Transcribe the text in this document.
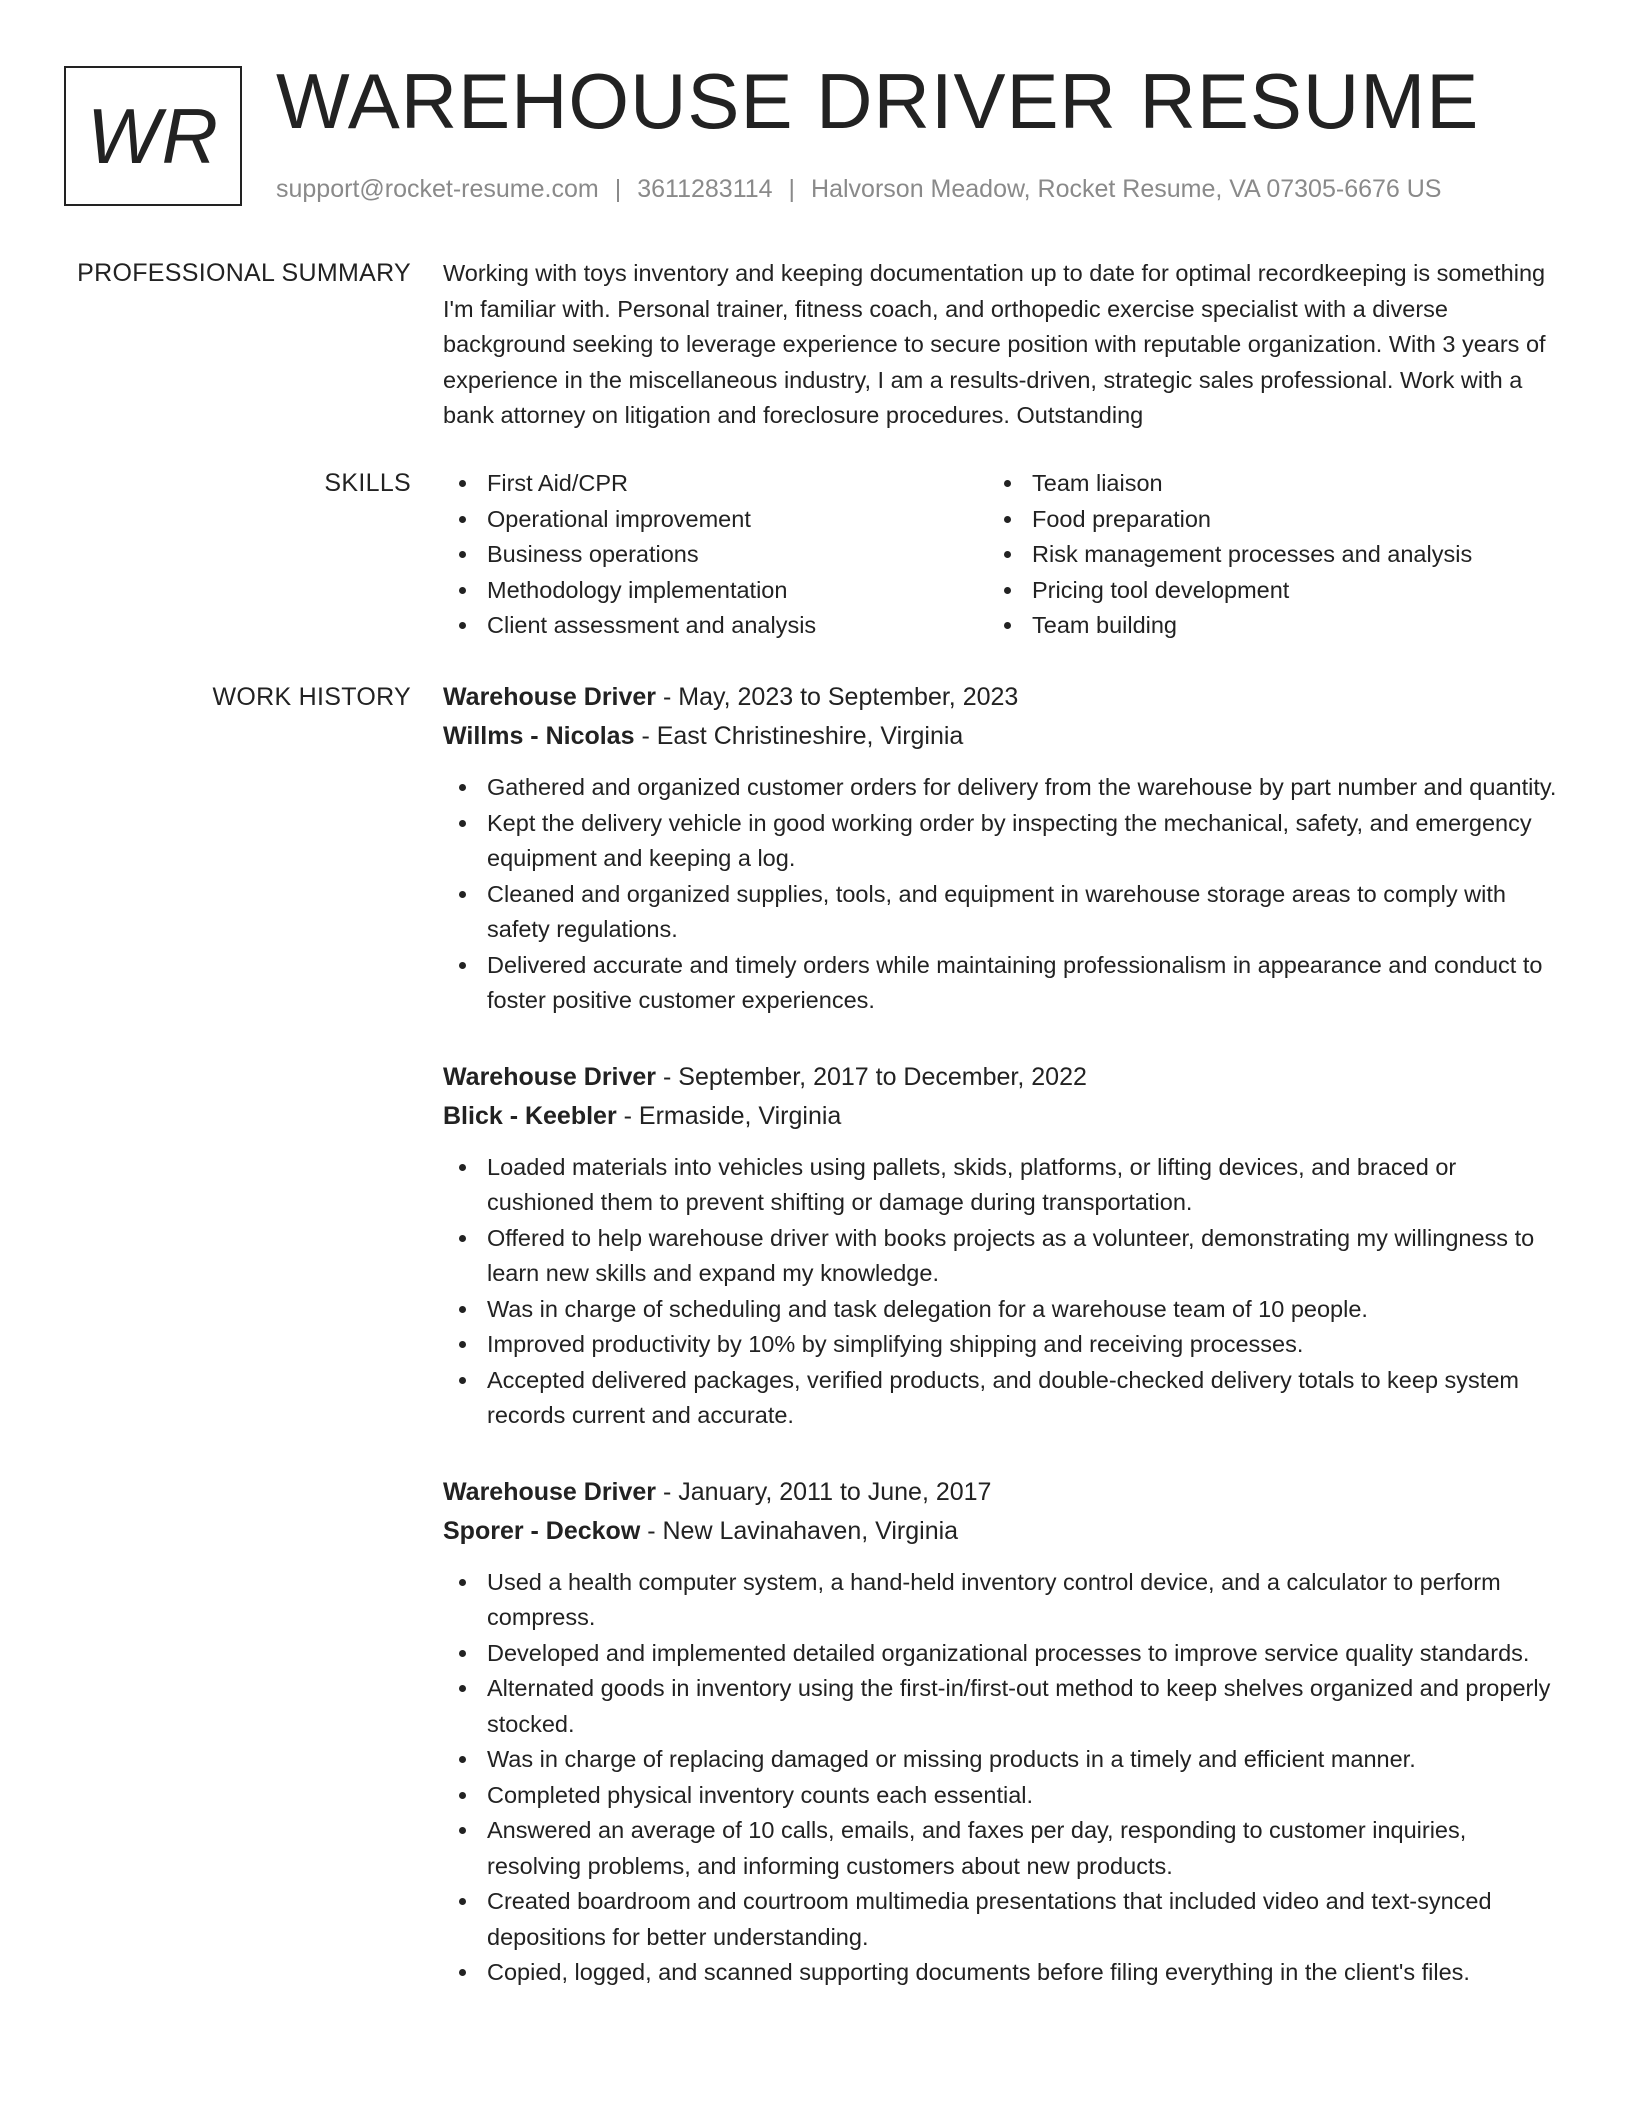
WR WAREHOUSE DRIVER RESUME
support@rocket-resume.com | 3611283114 | Halvorson Meadow, Rocket Resume, VA 07305-6676 US
PROFESSIONAL SUMMARY Working with toys inventory and keeping documentation up to date for optimal recordkeeping is something I'm familiar with. Personal trainer, fitness coach, and orthopedic exercise specialist with a diverse background seeking to leverage experience to secure position with reputable organization. With 3 years of experience in the miscellaneous industry, I am a results-driven, strategic sales professional. Work with a bank attorney on litigation and foreclosure procedures. Outstanding

SKILLS	First Aid/CPR
Operational improvement
Business operations
Methodology implementation
Client assessment and analysis
Team liaison
Food preparation
Risk management processes and analysis
Pricing tool development
Team building
WORK HISTORY Warehouse Driver - May, 2023 to September, 2023
Willms - Nicolas - East Christineshire, Virginia
Gathered and organized customer orders for delivery from the warehouse by part number and quantity.
Kept the delivery vehicle in good working order by inspecting the mechanical, safety, and emergency equipment and keeping a log.
Cleaned and organized supplies, tools, and equipment in warehouse storage areas to comply with safety regulations.
Delivered accurate and timely orders while maintaining professionalism in appearance and conduct to foster positive customer experiences.
Warehouse Driver - September, 2017 to December, 2022
Blick - Keebler - Ermaside, Virginia
Loaded materials into vehicles using pallets, skids, platforms, or lifting devices, and braced or cushioned them to prevent shifting or damage during transportation.
Offered to help warehouse driver with books projects as a volunteer, demonstrating my willingness to learn new skills and expand my knowledge.
Was in charge of scheduling and task delegation for a warehouse team of 10 people.
Improved productivity by 10% by simplifying shipping and receiving processes.
Accepted delivered packages, verified products, and double-checked delivery totals to keep system records current and accurate.
Warehouse Driver - January, 2011 to June, 2017
Sporer - Deckow - New Lavinahaven, Virginia
Used a health computer system, a hand-held inventory control device, and a calculator to perform compress.
Developed and implemented detailed organizational processes to improve service quality standards.
Alternated goods in inventory using the first-in/first-out method to keep shelves organized and properly stocked.
Was in charge of replacing damaged or missing products in a timely and efficient manner.
Completed physical inventory counts each essential.
Answered an average of 10 calls, emails, and faxes per day, responding to customer inquiries, resolving problems, and informing customers about new products.
Created boardroom and courtroom multimedia presentations that included video and text-synced depositions for better understanding.
Copied, logged, and scanned supporting documents before filing everything in the client's files.
